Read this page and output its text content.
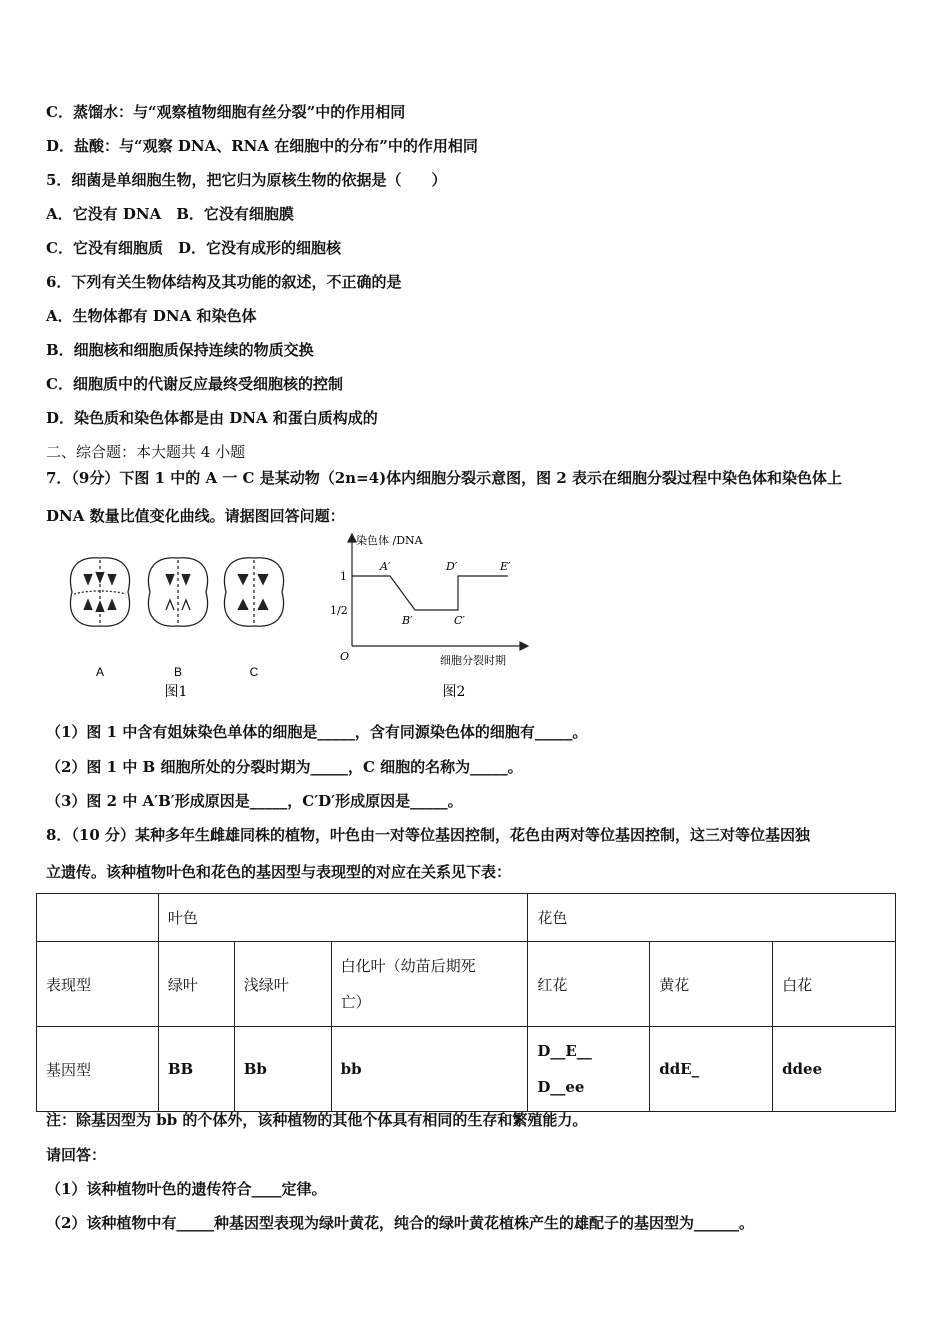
C．蒸馏水：与“观察植物细胞有丝分裂”中的作用相同
D．盐酸：与“观察 DNA、RNA 在细胞中的分布”中的作用相同
5．细菌是单细胞生物，把它归为原核生物的依据是（　　）
A．它没有 DNA　B．它没有细胞膜
C．它没有细胞质　D．它没有成形的细胞核
6．下列有关生物体结构及其功能的叙述，不正确的是
A．生物体都有 DNA 和染色体
B．细胞核和细胞质保持连续的物质交换
C．细胞质中的代谢反应最终受细胞核的控制
D．染色质和染色体都是由 DNA 和蛋白质构成的
二、综合题：本大题共 4 小题
7．（9分）下图 1 中的 A 一 C 是某动物（2n=4)体内细胞分裂示意图，图 2 表示在细胞分裂过程中染色体和染色体上
DNA 数量比值变化曲线。请据图回答问题：
A	B	C
图1
染色体 /DNA
细胞分裂时期
O
1
1/2
A′
B′	C′
D′	E′
图2
（1）图 1 中含有姐妹染色单体的细胞是_____，含有同源染色体的细胞有_____。
（2）图 1 中 B 细胞所处的分裂时期为_____，C 细胞的名称为_____。
（3）图 2 中 A′B′形成原因是_____，C′D′形成原因是_____。
8．（10 分）某种多年生雌雄同株的植物，叶色由一对等位基因控制，花色由两对等位基因控制，这三对等位基因独
立遗传。该种植物叶色和花色的基因型与表现型的对应在关系见下表：
	叶色			花色		
表现型	绿叶	浅绿叶	白化叶（幼苗后期死
亡）	红花	黄花	白花
基因型	BB	Bb	bb	D__E__
D__ee	ddE_	ddee
注：除基因型为 bb 的个体外，该种植物的其他个体具有相同的生存和繁殖能力。
请回答：
（1）该种植物叶色的遗传符合____定律。
（2）该种植物中有_____种基因型表现为绿叶黄花，纯合的绿叶黄花植株产生的雄配子的基因型为______。
